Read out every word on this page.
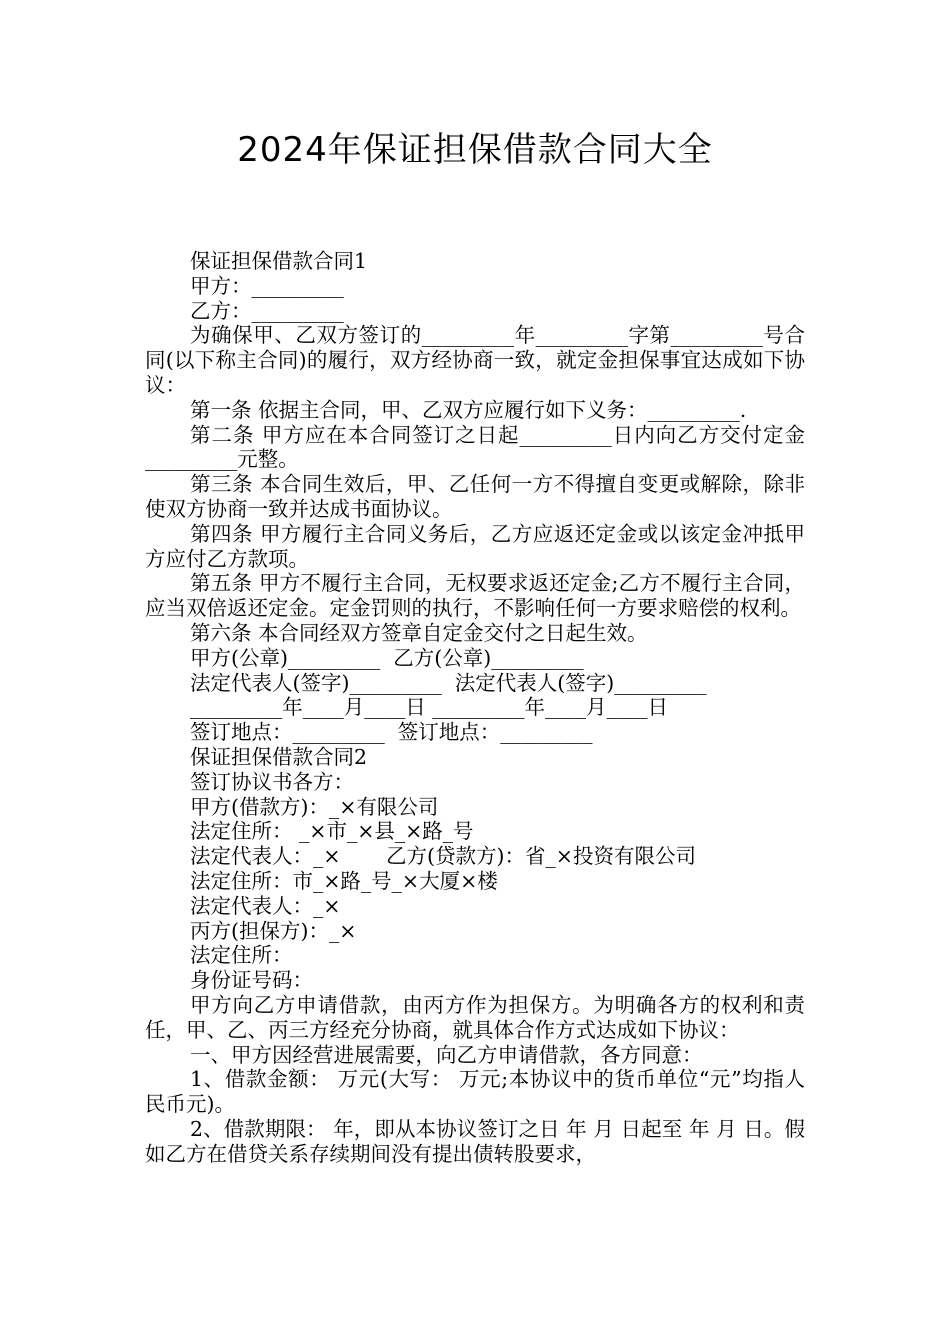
2024年保证担保借款合同大全
保证担保借款合同1
甲方：_________
乙方：_________
为确保甲、乙双方签订的_________年_________字第_________号合同(以下称主合同)的履行，双方经协商一致，就定金担保事宜达成如下协议：
第一条 依据主合同，甲、乙双方应履行如下义务：_________.
第二条 甲方应在本合同签订之日起_________日内向乙方交付定金_________元整。
第三条 本合同生效后，甲、乙任何一方不得擅自变更或解除，除非使双方协商一致并达成书面协议。
第四条 甲方履行主合同义务后，乙方应返还定金或以该定金冲抵甲方应付乙方款项。
第五条 甲方不履行主合同，无权要求返还定金;乙方不履行主合同，应当双倍返还定金。定金罚则的执行，不影响任何一方要求赔偿的权利。
第六条 本合同经双方签章自定金交付之日起生效。
甲方(公章)_________  乙方(公章)_________
法定代表人(签字)_________  法定代表人(签字)_________
_________年____月____日 _________年____月____日
签订地点：_________  签订地点：_________
保证担保借款合同2
签订协议书各方：
甲方(借款方)：_×有限公司
法定住所： _×市_×县_×路_号
法定代表人：_×       乙方(贷款方)：省_×投资有限公司
法定住所：市_×路_号_×大厦×楼
法定代表人：_×
丙方(担保方)：_×
法定住所：
身份证号码：
甲方向乙方申请借款，由丙方作为担保方。为明确各方的权利和责任，甲、乙、丙三方经充分协商，就具体合作方式达成如下协议：
一、甲方因经营进展需要，向乙方申请借款，各方同意：
1、借款金额： 万元(大写： 万元;本协议中的货币单位“元”均指人民币元)。
2、借款期限： 年，即从本协议签订之日 年 月 日起至 年 月 日。假如乙方在借贷关系存续期间没有提出债转股要求，
